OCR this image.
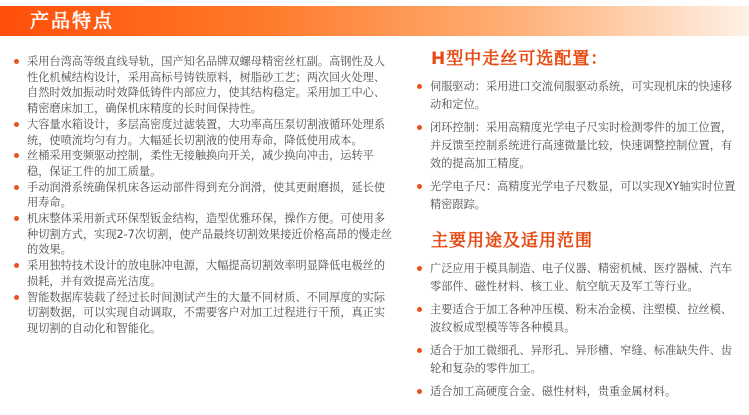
产品特点

采用台湾高等级直线导轨，国产知名品牌双螺母精密丝杠副。高钢性及人性化机械结构设计，采用高标号铸铁原料，树脂砂工艺；两次回火处理、自然时效加振动时效降低铸件内部应力，使其结构稳定。采用加工中心、精密磨床加工，确保机床精度的长时间保持性。

大容量水箱设计，多层高密度过滤装置，大功率高压泵切割液循环处理系统，使喷流均匀有力。大幅延长切割液的使用寿命，降低使用成本。

丝桶采用变频驱动控制，柔性无接触换向开关，减少换向冲击，运转平稳，保证工件的加工质量。

手动润滑系统确保机床各运动部件得到充分润滑，使其更耐磨损，延长使用寿命。

机床整体采用新式环保型钣金结构，造型优雅环保，操作方便。可使用多种切割方式，实现2-7次切割，使产品最终切割效果接近价格高昂的慢走丝的效果。

采用独特技术设计的放电脉冲电源，大幅提高切割效率明显降低电极丝的损耗，并有效提高光洁度。

智能数据库装载了经过长时间测试产生的大量不同材质、不同厚度的实际切割数据，可以实现自动调取，不需要客户对加工过程进行干预，真正实现切割的自动化和智能化。

H型中走丝可选配置：

伺服驱动：采用进口交流伺服驱动系统，可实现机床的快速移动和定位。

闭环控制：采用高精度光学电子尺实时检测零件的加工位置，并反馈至控制系统进行高速微量比较，快速调整控制位置，有效的提高加工精度。

光学电子尺：高精度光学电子尺数显，可以实现XY轴实时位置精密跟踪。

主要用途及适用范围

广泛应用于模具制造、电子仪器、精密机械、医疗器械、汽车零部件、磁性材料、核工业、航空航天及军工等行业。

主要适合于加工各种冲压模、粉末冶金模、注塑模、拉丝模、波纹板成型模等等各种模具。

适合于加工微细孔、异形孔、异形槽、窄缝、标准缺失件、齿轮和复杂的零件加工。

适合加工高硬度合金、磁性材料，贵重金属材料。
